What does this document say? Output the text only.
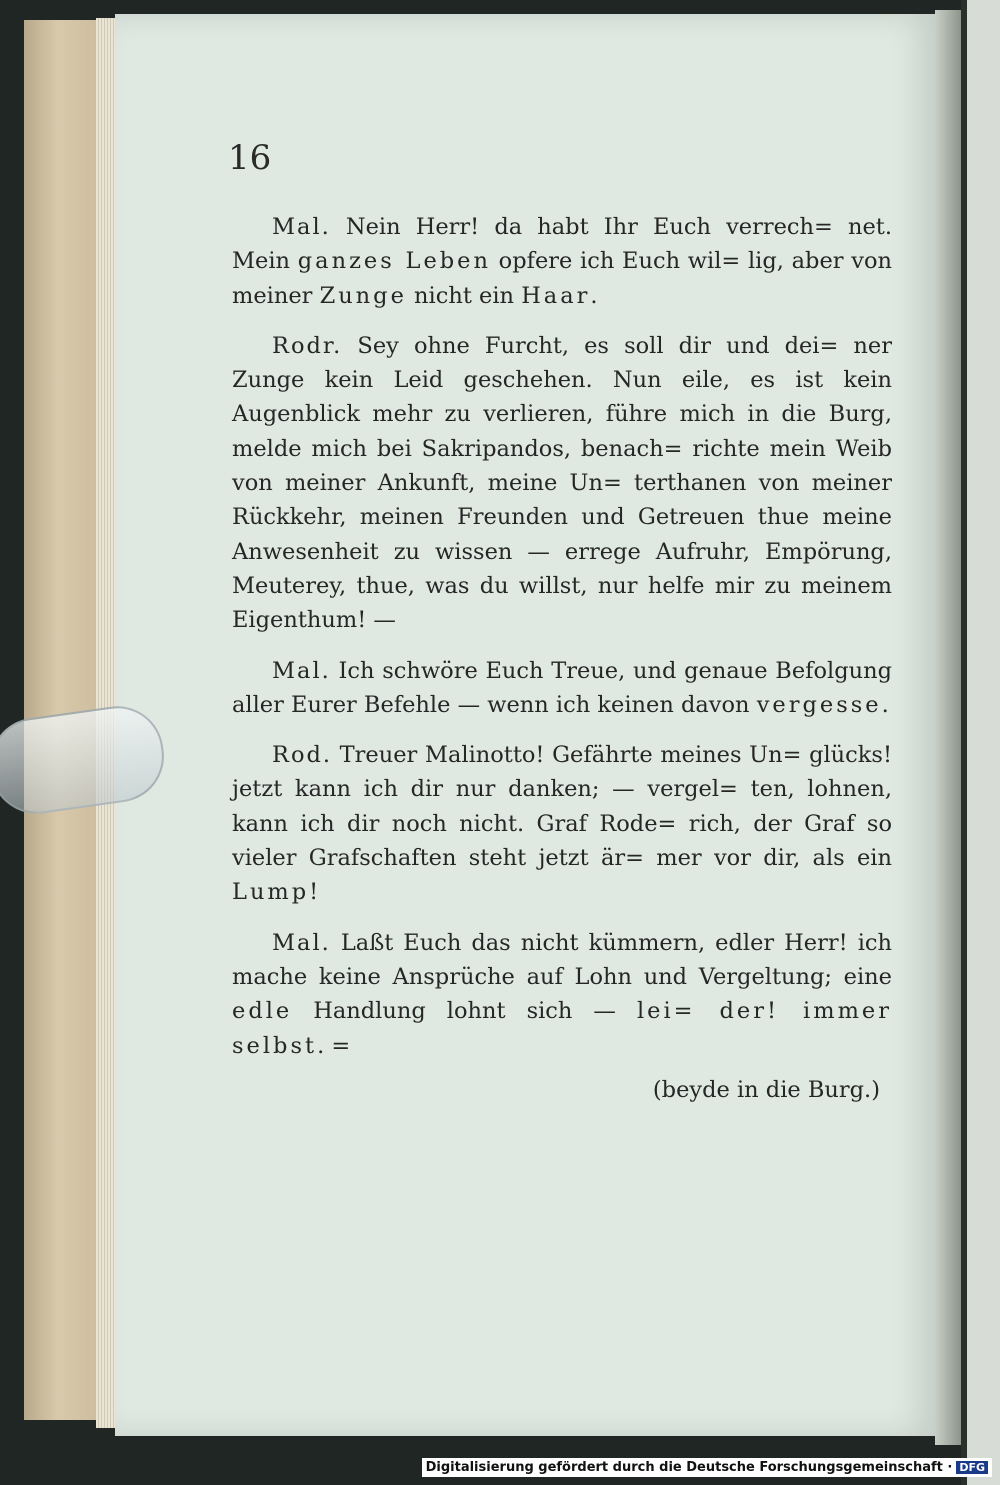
16

Mal. Nein Herr! da habt Ihr Euch verrech= net. Mein ganzes Leben opfere ich Euch wil= lig, aber von meiner Zunge nicht ein Haar.

Rodr. Sey ohne Furcht, es soll dir und dei= ner Zunge kein Leid geschehen. Nun eile, es ist kein Augenblick mehr zu verlieren, führe mich in die Burg, melde mich bei Sakripandos, benach= richte mein Weib von meiner Ankunft, meine Un= terthanen von meiner Rückkehr, meinen Freunden und Getreuen thue meine Anwesenheit zu wissen — errege Aufruhr, Empörung, Meuterey, thue, was du willst, nur helfe mir zu meinem Eigenthum! —

Mal. Ich schwöre Euch Treue, und genaue Befolgung aller Eurer Befehle — wenn ich keinen davon vergesse.

Rod. Treuer Malinotto! Gefährte meines Un= glücks! jetzt kann ich dir nur danken; — vergel= ten, lohnen, kann ich dir noch nicht. Graf Rode= rich, der Graf so vieler Grafschaften steht jetzt är= mer vor dir, als ein Lump!

Mal. Laßt Euch das nicht kümmern, edler Herr! ich mache keine Ansprüche auf Lohn und Vergeltung; eine edle Handlung lohnt sich — lei= der! immer selbst. =

(beyde in die Burg.)
Digitalisierung gefördert durch die Deutsche Forschungsgemeinschaft · DFG
